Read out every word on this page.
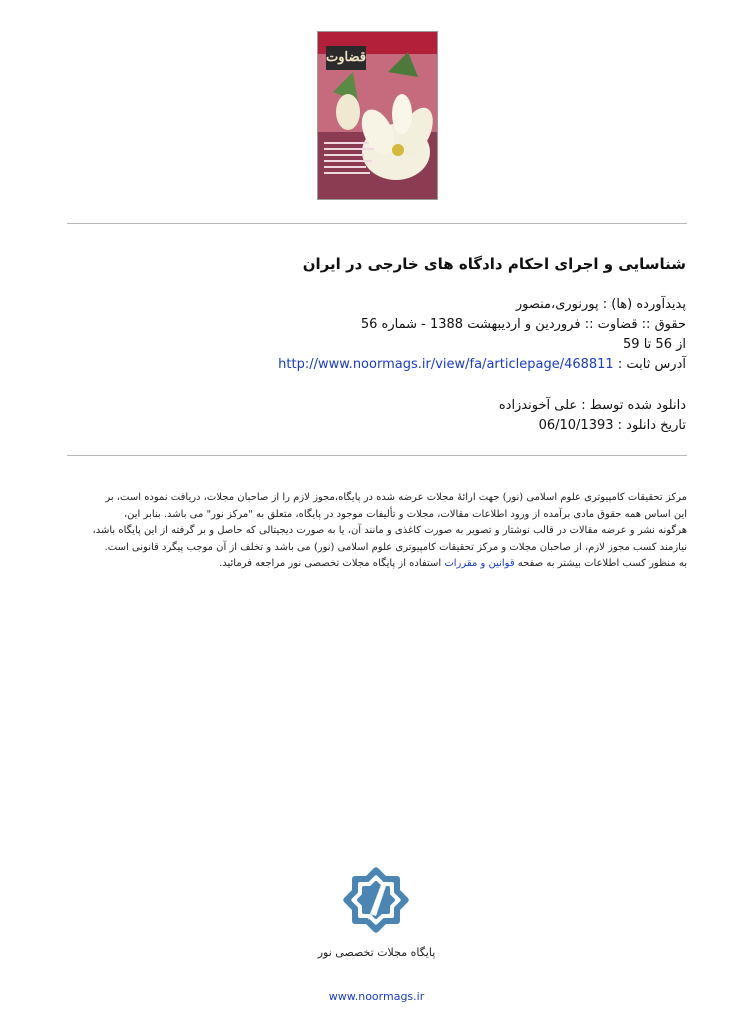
قضاوت
شناسایی و اجرای احکام دادگاه های خارجی در ایران
پدیدآورده (ها) : پورنوری،منصور
حقوق :: قضاوت :: فروردین و اردیبهشت 1388 - شماره 56
از 56 تا 59
آدرس ثابت : http://www.noormags.ir/view/fa/articlepage/468811
دانلود شده توسط : علی آخوندزاده
تاریخ دانلود : 06/10/1393
مرکز تحقیقات کامپیوتری علوم اسلامی (نور) جهت ارائۀ مجلات عرضه شده در پایگاه،مجوز لازم را از صاحبان مجلات، دریافت نموده است، بر
این اساس همه حقوق مادی برآمده از ورود اطلاعات مقالات، مجلات و تألیفات موجود در پایگاه، متعلق به "مرکز نور" می باشد. بنابر این،
هرگونه نشر و عرضه مقالات در قالب نوشتار و تصویر به صورت کاغذی و مانند آن، یا به صورت دیجیتالی که حاصل و بر گرفته از این پایگاه باشد،
نیازمند کسب مجوز لازم، از صاحبان مجلات و مرکز تحقیقات کامپیوتری علوم اسلامی (نور) می باشد و تخلف از آن موجب پیگرد قانونی است.
به منظور کسب اطلاعات بیشتر به صفحه قوانین و مقررات استفاده از پایگاه مجلات تخصصی نور مراجعه فرمائید.
پایگاه مجلات تخصصی نور
www.noormags.ir
